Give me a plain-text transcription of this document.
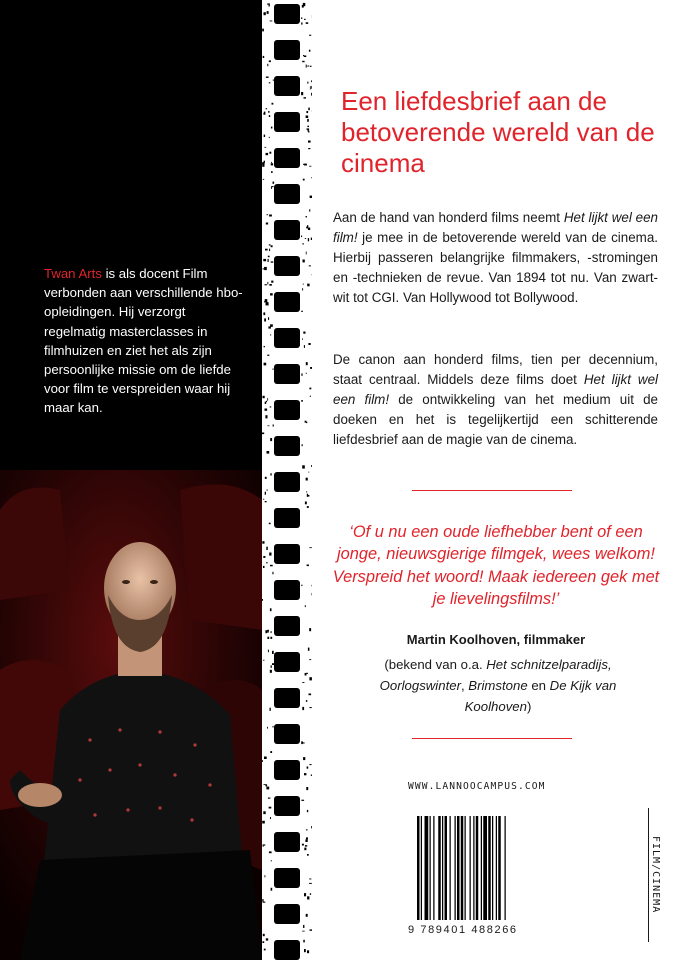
Twan Arts is als docent Film verbonden aan verschillende hbo-opleidingen. Hij verzorgt regelmatig masterclasses in filmhuizen en ziet het als zijn persoonlijke missie om de liefde voor film te verspreiden waar hij maar kan.
Een liefdesbrief aan de betoverende wereld van de cinema

Aan de hand van honderd films neemt Het lijkt wel een film! je mee in de betoverende wereld van de cinema. Hierbij passeren belangrijke filmmakers, -stromingen en -technieken de revue. Van 1894 tot nu. Van zwart-wit tot CGI. Van Hollywood tot Bollywood.

De canon aan honderd films, tien per decennium, staat centraal. Middels deze films doet Het lijkt wel een film! de ontwikkeling van het medium uit de doeken en het is tegelijkertijd een schitterende liefdesbrief aan de magie van de cinema.

‘Of u nu een oude liefhebber bent of een jonge, nieuwsgierige filmgek, wees welkom! Verspreid het woord! Maak iedereen gek met je lievelingsfilms!’

Martin Koolhoven, filmmaker
(bekend van o.a. Het schnitzelparadijs, Oorlogswinter, Brimstone en De Kijk van Koolhoven)
WWW.LANNOOCAMPUS.COM
9 789401 488266
FILM/CINEMA
